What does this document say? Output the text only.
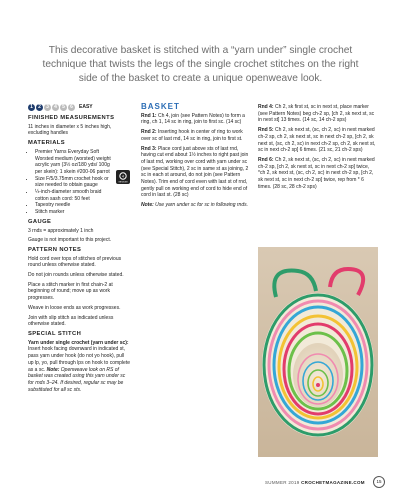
This decorative basket is stitched with a “yarn under” single crochet technique that twists the legs of the single crochet stitches on the right side of the basket to create a unique openweave look.
1	2	3	4	5	6	EASY
FINISHED MEASUREMENTS

11 inches in diameter x 5 inches high, excluding handles

MATERIALS
4
MEDIUM
• Premier Yarns Everyday Soft Worsted medium (worsted) weight acrylic yarn (3½ oz/180 yds/ 100g per skein): 1 skein #200-06 parrot
• Size F/5/3.75mm crochet hook or size needed to obtain gauge
• ¼-inch-diameter smooth braid cotton sash cord: 50 feet
• Tapestry needle
• Stitch marker
GAUGE

3 rnds = approximately 1 inch

Gauge is not important to this project.

PATTERN NOTES

Hold cord over tops of stitches of previous round unless otherwise stated.

Do not join rounds unless otherwise stated.

Place a stitch marker in first chain-2 at beginning of round; move up as work progresses.

Weave in loose ends as work progresses.

Join with slip stitch as indicated unless otherwise stated.

SPECIAL STITCH

Yarn under single crochet (yarn under sc): Insert hook facing downward in indicated st, pass yarn under hook (do not yo hook), pull up lp, yo, pull through lps on hook to complete as a sc. Note: Openweave look on RS of basket was created using this yarn under sc for rnds 3–24. If desired, regular sc may be substituted for all sc sts.

BASKET

Rnd 1: Ch 4, join (see Pattern Notes) to form a ring, ch 1, 14 sc in ring, join to first sc. (14 sc)

Rnd 2: Inserting hook in center of ring to work over sc of last rnd, 14 sc in ring, join to first st.

Rnd 3: Place cord just above sts of last rnd, having cut end about 1½ inches to right past join of last rnd, working over cord with yarn under sc (see Special Stitch), 2 sc in same st as joining, 2 sc in each st around, do not join (see Pattern Notes). Trim end of cord even with last st of rnd, gently pull on working end of cord to hide end of cord in last st. (28 sc)

Note: Use yarn under sc for sc in following rnds.

Rnd 4: Ch 2, sk first st, sc in next st, place marker (see Pattern Notes) beg ch-2 sp, [ch 2, sk next st, sc in next st] 13 times. (14 sc, 14 ch-2 sps)

Rnd 5: Ch 2, sk next st, (sc, ch 2, sc) in next marked ch-2 sp, ch 2, sk next st, sc in next ch-2 sp, [ch 2, sk next st, (sc, ch 2, sc) in next ch-2 sp, ch 2, sk next st, sc in next ch-2 sp] 6 times. (21 sc, 21 ch-2 sps)

Rnd 6: Ch 2, sk next st, (sc, ch 2, sc) in next marked ch-2 sp, [ch 2, sk next st, sc in next ch-2 sp] twice, *ch 2, sk next st, (sc, ch 2, sc) in next ch-2 sp, [ch 2, sk next st, sc in next ch-2 sp] twice, rep from * 6 times. (28 sc, 28 ch-2 sps)

SUMMER 2019 CROCHETMAGAZINE.COM	15
